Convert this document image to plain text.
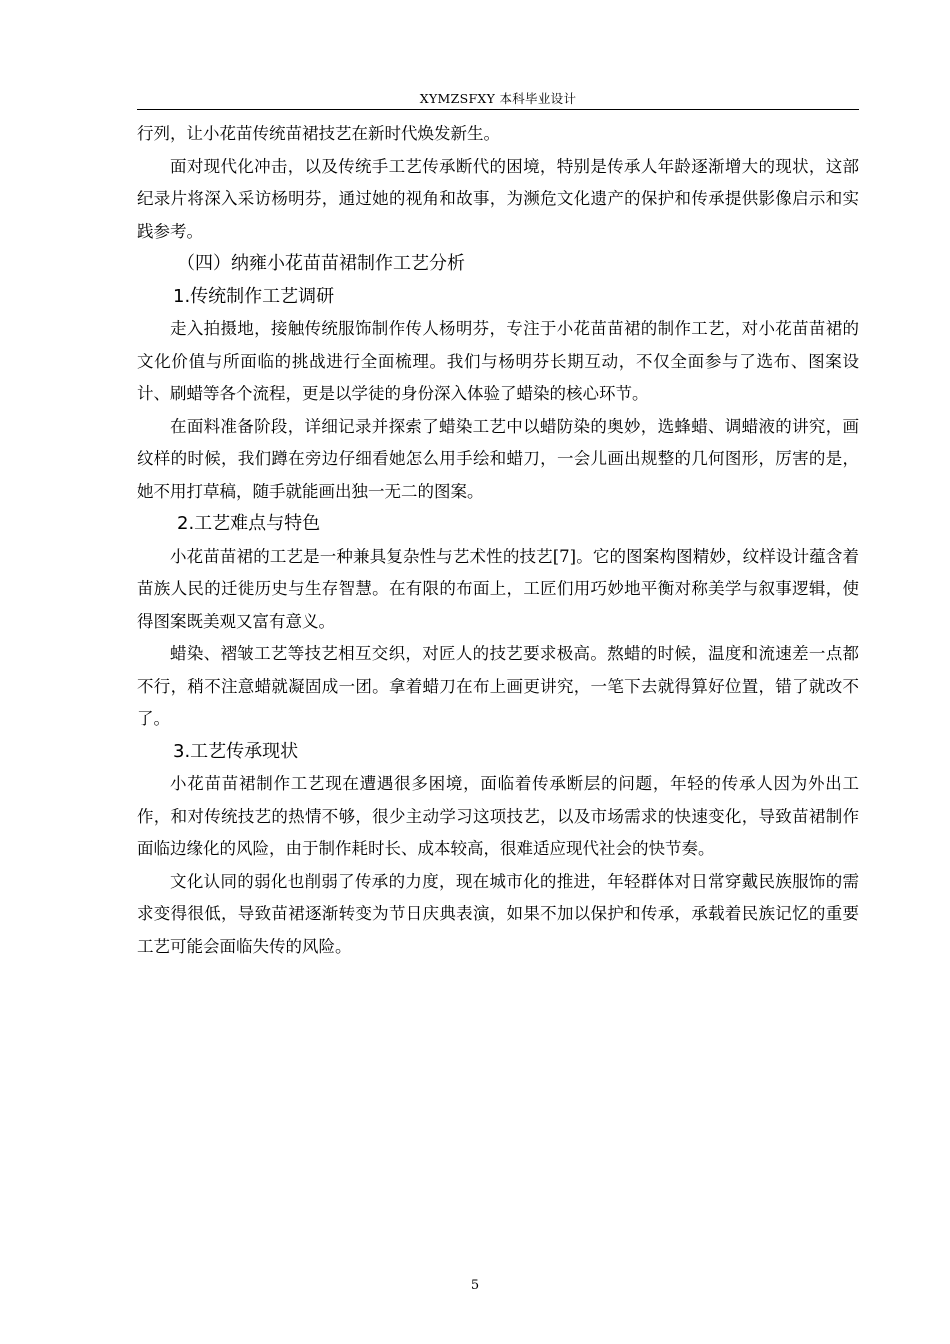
XYMZSFXY 本科毕业设计

行列，让小花苗传统苗裙技艺在新时代焕发新生。

面对现代化冲击，以及传统手工艺传承断代的困境，特别是传承人年龄逐渐增大的现状，这部纪录片将深入采访杨明芬，通过她的视角和故事，为濒危文化遗产的保护和传承提供影像启示和实践参考。

（四）纳雍小花苗苗裙制作工艺分析
1.传统制作工艺调研

走入拍摄地，接触传统服饰制作传人杨明芬，专注于小花苗苗裙的制作工艺，对小花苗苗裙的文化价值与所面临的挑战进行全面梳理。我们与杨明芬长期互动，不仅全面参与了选布、图案设计、刷蜡等各个流程，更是以学徒的身份深入体验了蜡染的核心环节。

在面料准备阶段，详细记录并探索了蜡染工艺中以蜡防染的奥妙，选蜂蜡、调蜡液的讲究，画纹样的时候，我们蹲在旁边仔细看她怎么用手绘和蜡刀，一会儿画出规整的几何图形，厉害的是，她不用打草稿，随手就能画出独一无二的图案。

2.工艺难点与特色

小花苗苗裙的工艺是一种兼具复杂性与艺术性的技艺[7]。它的图案构图精妙，纹样设计蕴含着苗族人民的迁徙历史与生存智慧。在有限的布面上，工匠们用巧妙地平衡对称美学与叙事逻辑，使得图案既美观又富有意义。

蜡染、褶皱工艺等技艺相互交织，对匠人的技艺要求极高。熬蜡的时候，温度和流速差一点都不行，稍不注意蜡就凝固成一团。拿着蜡刀在布上画更讲究，一笔下去就得算好位置，错了就改不了。

3.工艺传承现状

小花苗苗裙制作工艺现在遭遇很多困境，面临着传承断层的问题，年轻的传承人因为外出工作，和对传统技艺的热情不够，很少主动学习这项技艺，以及市场需求的快速变化，导致苗裙制作面临边缘化的风险，由于制作耗时长、成本较高，很难适应现代社会的快节奏。

文化认同的弱化也削弱了传承的力度，现在城市化的推进，年轻群体对日常穿戴民族服饰的需求变得很低，导致苗裙逐渐转变为节日庆典表演，如果不加以保护和传承，承载着民族记忆的重要工艺可能会面临失传的风险。

5
